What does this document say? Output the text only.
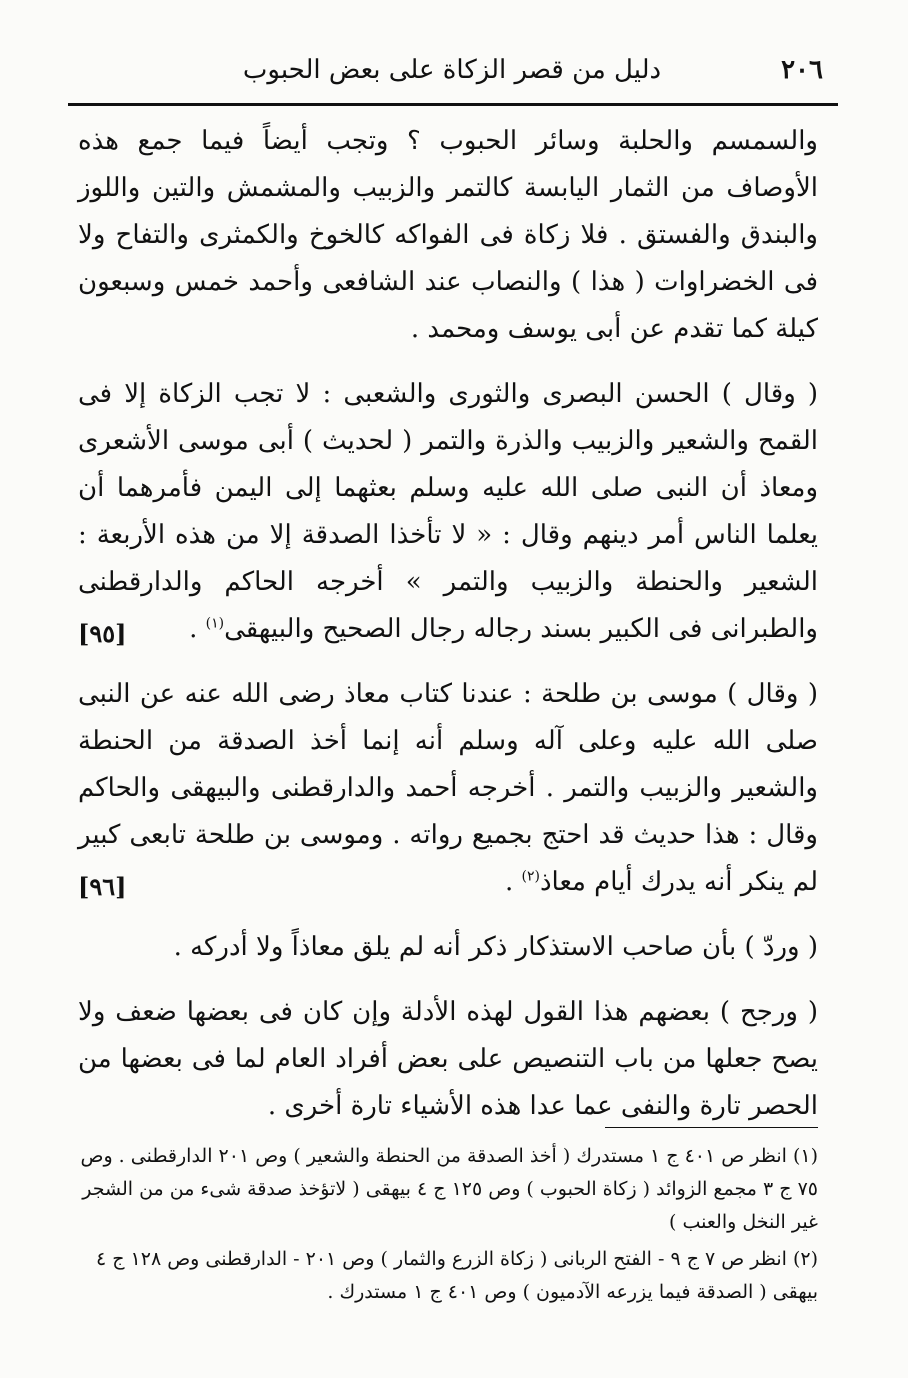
٢٠٦
دليل من قصر الزكاة على بعض الحبوب

والسمسم والحلبة وسائر الحبوب ؟ وتجب أيضاً فيما جمع هذه الأوصاف من الثمار اليابسة كالتمر والزبيب والمشمش والتين واللوز والبندق والفستق . فلا زكاة فى الفواكه كالخوخ والكمثرى والتفاح ولا فى الخضراوات ( هذا ) والنصاب عند الشافعى وأحمد خمس وسبعون كيلة كما تقدم عن أبى يوسف ومحمد .

( وقال ) الحسن البصرى والثورى والشعبى : لا تجب الزكاة إلا فى القمح والشعير والزبيب والذرة والتمر ( لحديث ) أبى موسى الأشعرى ومعاذ أن النبى صلى الله عليه وسلم بعثهما إلى اليمن فأمرهما أن يعلما الناس أمر دينهم وقال : « لا تأخذا الصدقة إلا من هذه الأربعة : الشعير والحنطة والزبيب والتمر » أخرجه الحاكم والدارقطنى والطبرانى فى الكبير بسند رجاله رجال الصحيح والبيهقى$^{(١)}$ .
[٩٥]

( وقال ) موسى بن طلحة : عندنا كتاب معاذ رضى الله عنه عن النبى صلى الله عليه وعلى آله وسلم أنه إنما أخذ الصدقة من الحنطة والشعير والزبيب والتمر . أخرجه أحمد والدارقطنى والبيهقى والحاكم وقال : هذا حديث قد احتج بجميع رواته . وموسى بن طلحة تابعى كبير لم ينكر أنه يدرك أيام معاذ$^{(٢)}$ .
[٩٦]

( وردّ ) بأن صاحب الاستذكار ذكر أنه لم يلق معاذاً ولا أدركه .

( ورجح ) بعضهم هذا القول لهذه الأدلة وإن كان فى بعضها ضعف ولا يصح جعلها من باب التنصيص على بعض أفراد العام لما فى بعضها من الحصر تارة والنفى عما عدا هذه الأشياء تارة أخرى .

(١) انظر ص ٤٠١ ج ١ مستدرك ( أخذ الصدقة من الحنطة والشعير ) وص ٢٠١ الدارقطنى . وص ٧٥ ج ٣ مجمع الزوائد ( زكاة الحبوب ) وص ١٢٥ ج ٤ بيهقى ( لاتؤخذ صدقة شىء من من الشجر غير النخل والعنب )

(٢) انظر ص ٧ ج ٩ - الفتح الربانى ( زكاة الزرع والثمار ) وص ٢٠١ - الدارقطنى وص ١٢٨ ج ٤ بيهقى ( الصدقة فيما يزرعه الآدميون ) وص ٤٠١ ج ١ مستدرك .
